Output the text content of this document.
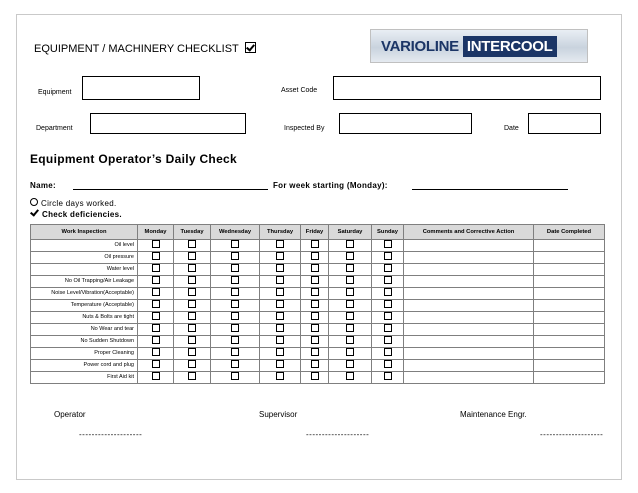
EQUIPMENT / MACHINERY CHECKLIST	VARIOLINE INTERCOOL
Equipment	Asset Code
Department	Inspected By	Date
Equipment Operator’s Daily Check
Name:	For week starting (Monday):
Circle days worked.
Check deficiencies.
Work Inspection	Monday	Tuesday	Wednesday	Thursday	Friday	Saturday	Sunday	Comments and Corrective Action	Date Completed
Oil level									
Oil pressure									
Water level									
No Oil Trapping/Air Leakage									
Noise Level/Vibration(Acceptable)									
Temperature (Acceptable)									
Nuts & Bolts are tight									
No Wear and tear									
No Sudden Shutdown									
Proper Cleaning									
Power cord and plug									
First Aid kit									
Operator	Supervisor	Maintenance Engr.
--------------------	--------------------	--------------------
